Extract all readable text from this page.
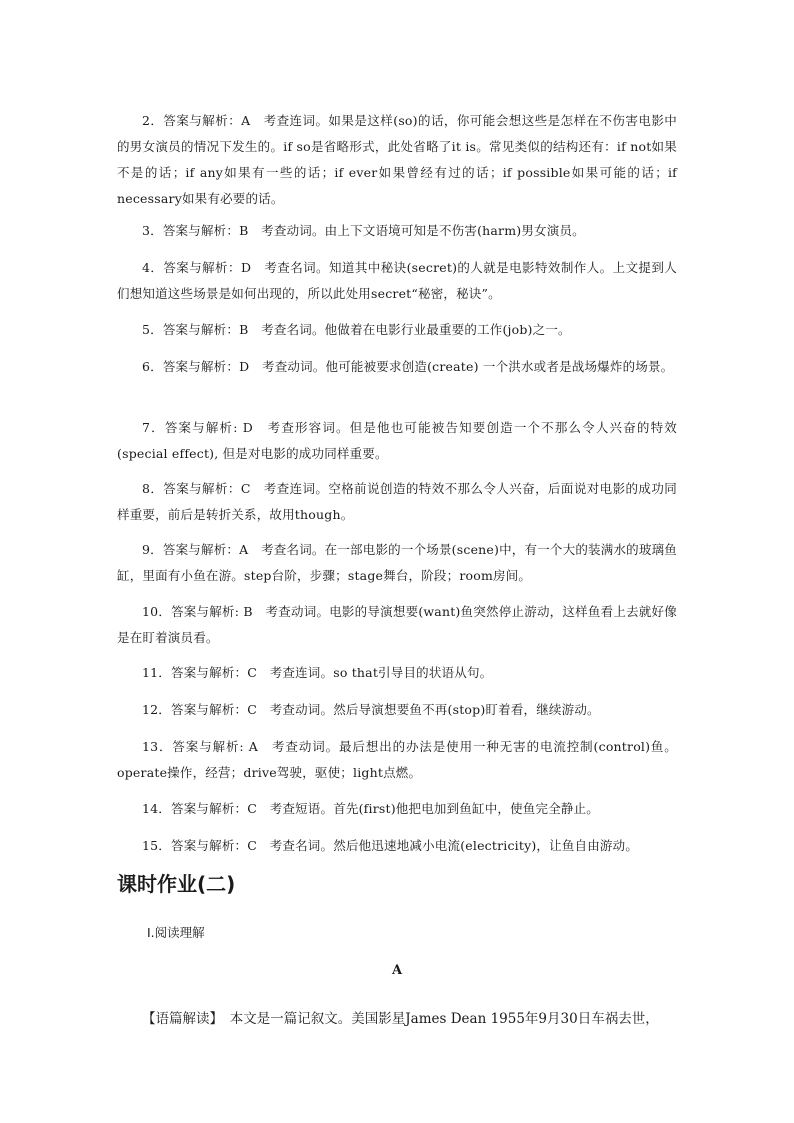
2．答案与解析：A　考查连词。如果是这样(so)的话，你可能会想这些是怎样在不伤害电影中的男女演员的情况下发生的。if so是省略形式，此处省略了it is。常见类似的结构还有：if not如果不是的话；if any如果有一些的话；if ever如果曾经有过的话；if possible如果可能的话；if necessary如果有必要的话。

3．答案与解析：B　考查动词。由上下文语境可知是不伤害(harm)男女演员。

4．答案与解析：D　考查名词。知道其中秘诀(secret)的人就是电影特效制作人。上文提到人们想知道这些场景是如何出现的，所以此处用secret“秘密，秘诀”。

5．答案与解析：B　考查名词。他做着在电影行业最重要的工作(job)之一。

6．答案与解析：D　考查动词。他可能被要求创造(create) 一个洪水或者是战场爆炸的场景。

7．答案与解析: D　考查形容词。但是他也可能被告知要创造一个不那么令人兴奋的特效(special effect), 但是对电影的成功同样重要。

8．答案与解析：C　考查连词。空格前说创造的特效不那么令人兴奋，后面说对电影的成功同样重要，前后是转折关系，故用though。

9．答案与解析：A　考查名词。在一部电影的一个场景(scene)中，有一个大的装满水的玻璃鱼缸，里面有小鱼在游。step台阶，步骤；stage舞台，阶段；room房间。

10．答案与解析: B　考查动词。电影的导演想要(want)鱼突然停止游动，这样鱼看上去就好像是在盯着演员看。

11．答案与解析：C　考查连词。so that引导目的状语从句。

12．答案与解析：C　考查动词。然后导演想要鱼不再(stop)盯着看，继续游动。

13．答案与解析: A　考查动词。最后想出的办法是使用一种无害的电流控制(control)鱼。operate操作，经营；drive驾驶，驱使；light点燃。

14．答案与解析：C　考查短语。首先(first)他把电加到鱼缸中，使鱼完全静止。

15．答案与解析：C　考查名词。然后他迅速地减小电流(electricity)，让鱼自由游动。

课时作业(二)
Ⅰ.阅读理解
A

【语篇解读】　本文是一篇记叙文。美国影星James Dean 1955年9月30日车祸去世，
